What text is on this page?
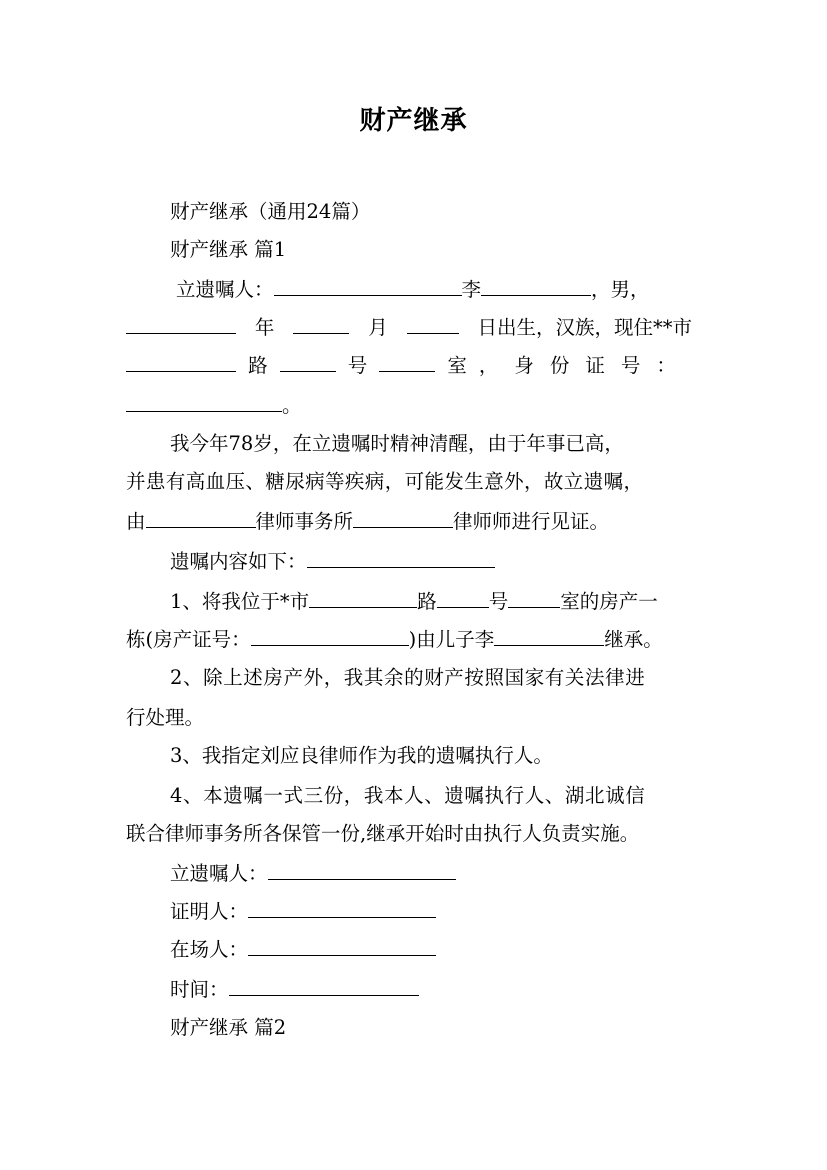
财产继承
财产继承（通用24篇）
财产继承 篇1
立遗嘱人：	李	，男，
年	月	日出生，汉族，现住**市
路	号	室 ，身份证号：
。
我今年78岁，在立遗嘱时精神清醒，由于年事已高，
并患有高血压、糖尿病等疾病，可能发生意外，故立遗嘱，
由	律师事务所	律师师进行见证。
遗嘱内容如下：
1、将我位于*市	路	号	室的房产一
栋(房产证号：	)由儿子李	继承。
2、除上述房产外，我其余的财产按照国家有关法律进
行处理。
3、我指定刘应良律师作为我的遗嘱执行人。
4、本遗嘱一式三份，我本人、遗嘱执行人、湖北诚信
联合律师事务所各保管一份,继承开始时由执行人负责实施。
立遗嘱人：
证明人：
在场人：
时间：
财产继承 篇2
